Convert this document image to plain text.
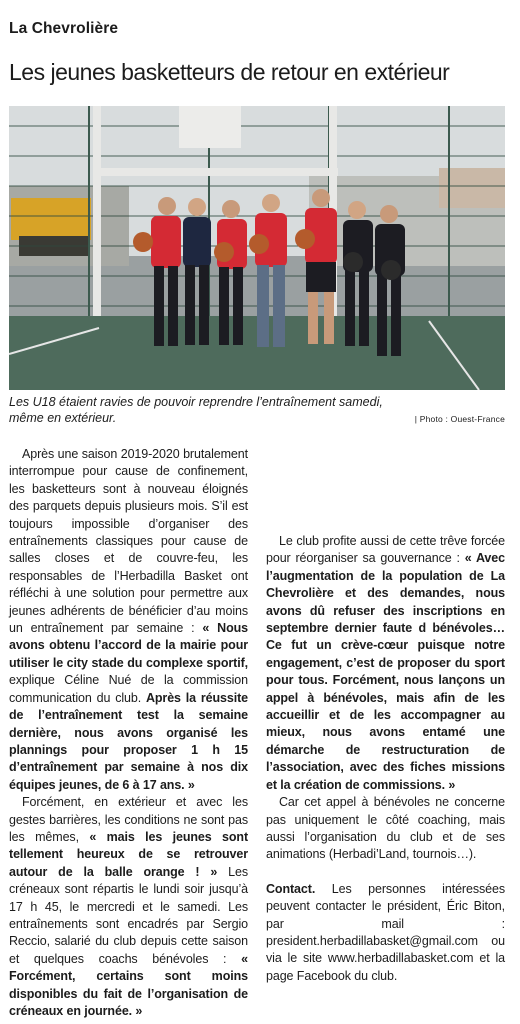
La Chevrolière
Les jeunes basketteurs de retour en extérieur
Les U18 étaient ravies de pouvoir reprendre l’entraînement samedi, même en extérieur.	| Photo : Ouest-France

Après une saison 2019-2020 brutalement interrompue pour cause de confinement, les basketteurs sont à nouveau éloignés des parquets depuis plusieurs mois. S’il est toujours impossible d’organiser des entraînements classiques pour cause de salles closes et de couvre-feu, les responsables de l’Herbadilla Basket ont réfléchi à une solution pour permettre aux jeunes adhérents de bénéficier d’au moins un entraînement par semaine : « Nous avons obtenu l’accord de la mairie pour utiliser le city stade du complexe sportif, explique Céline Nué de la commission communication du club. Après la réussite de l’entraînement test la semaine dernière, nous avons organisé les plannings pour proposer 1 h 15 d’entraînement par semaine à nos dix équipes jeunes, de 6 à 17 ans. »

Forcément, en extérieur et avec les gestes barrières, les conditions ne sont pas les mêmes, « mais les jeunes sont tellement heureux de se retrouver autour de la balle orange ! » Les créneaux sont répartis le lundi soir jusqu’à 17 h 45, le mercredi et le samedi. Les entraînements sont encadrés par Sergio Reccio, salarié du club depuis cette saison et quelques coachs bénévoles : « Forcément, certains sont moins disponibles du fait de l’organisation de créneaux en journée. »

Le club profite aussi de cette trêve forcée pour réorganiser sa gouvernance : « Avec l’augmentation de la population de La Chevrolière et des demandes, nous avons dû refuser des inscriptions en septembre dernier faute d bénévoles… Ce fut un crève-cœur puisque notre engagement, c’est de proposer du sport pour tous. Forcément, nous lançons un appel à bénévoles, mais afin de les accueillir et de les accompagner au mieux, nous avons entamé une démarche de restructuration de l’association, avec des fiches missions et la création de commissions. »

Car cet appel à bénévoles ne concerne pas uniquement le côté coaching, mais aussi l’organisation du club et de ses animations (Herbadi’Land, tournois…).

Contact. Les personnes intéressées peuvent contacter le président, Éric Biton, par mail : president.herbadillabasket@gmail.com ou via le site www.herbadillabasket.com et la page Facebook du club.
